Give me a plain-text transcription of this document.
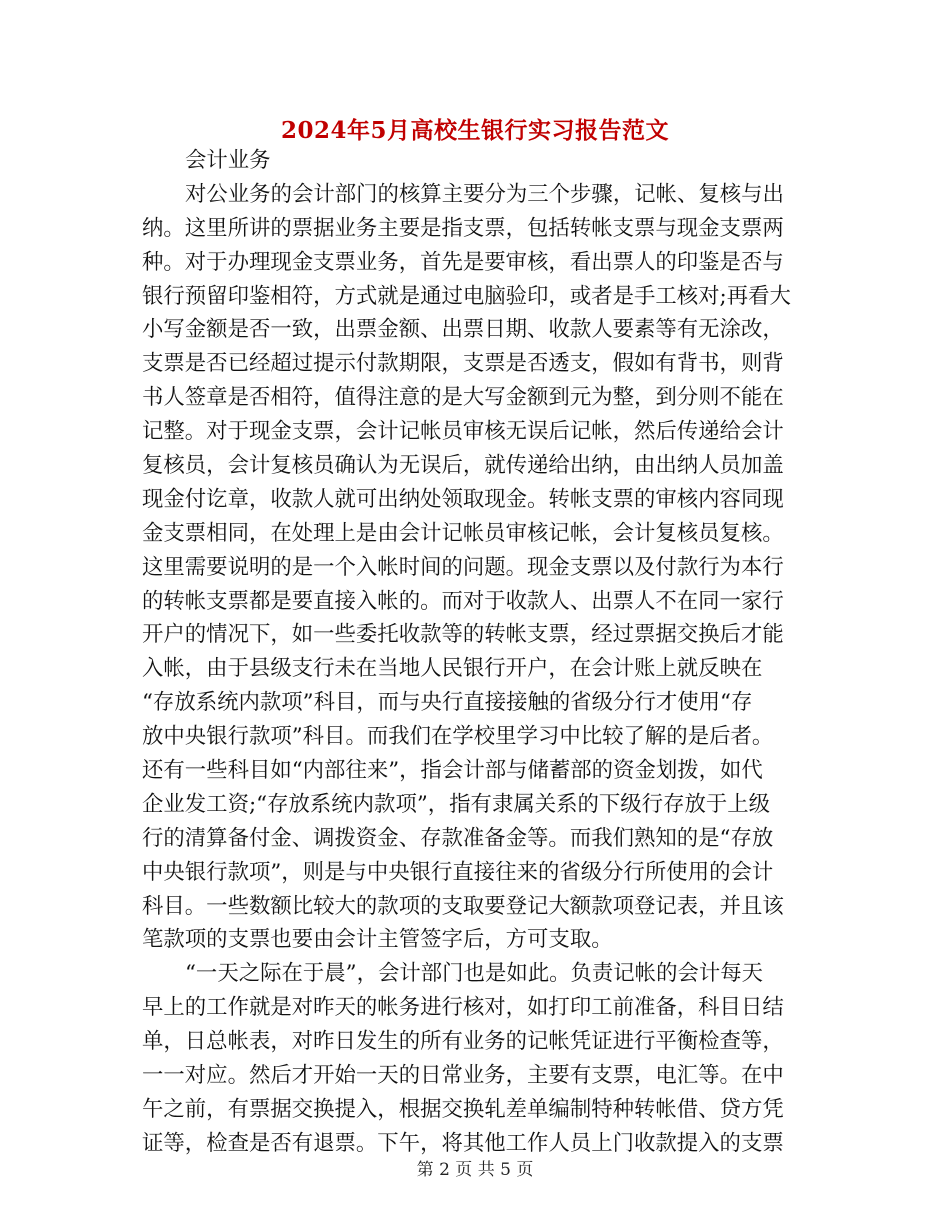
2024年5月高校生银行实习报告范文
会计业务
对公业务的会计部门的核算主要分为三个步骤，记帐、复核与出
纳。这里所讲的票据业务主要是指支票，包括转帐支票与现金支票两
种。对于办理现金支票业务，首先是要审核，看出票人的印鉴是否与
银行预留印鉴相符，方式就是通过电脑验印，或者是手工核对;再看大
小写金额是否一致，出票金额、出票日期、收款人要素等有无涂改，
支票是否已经超过提示付款期限，支票是否透支，假如有背书，则背
书人签章是否相符，值得注意的是大写金额到元为整，到分则不能在
记整。对于现金支票，会计记帐员审核无误后记帐，然后传递给会计
复核员，会计复核员确认为无误后，就传递给出纳，由出纳人员加盖
现金付讫章，收款人就可出纳处领取现金。转帐支票的审核内容同现
金支票相同，在处理上是由会计记帐员审核记帐，会计复核员复核。
这里需要说明的是一个入帐时间的问题。现金支票以及付款行为本行
的转帐支票都是要直接入帐的。而对于收款人、出票人不在同一家行
开户的情况下，如一些委托收款等的转帐支票，经过票据交换后才能
入帐，由于县级支行未在当地人民银行开户，在会计账上就反映在
“存放系统内款项”科目，而与央行直接接触的省级分行才使用“存
放中央银行款项”科目。而我们在学校里学习中比较了解的是后者。
还有一些科目如“内部往来”，指会计部与储蓄部的资金划拨，如代
企业发工资;“存放系统内款项”，指有隶属关系的下级行存放于上级
行的清算备付金、调拨资金、存款准备金等。而我们熟知的是“存放
中央银行款项”，则是与中央银行直接往来的省级分行所使用的会计
科目。一些数额比较大的款项的支取要登记大额款项登记表，并且该
笔款项的支票也要由会计主管签字后，方可支取。
“一天之际在于晨”，会计部门也是如此。负责记帐的会计每天
早上的工作就是对昨天的帐务进行核对，如打印工前准备，科目日结
单，日总帐表，对昨日发生的所有业务的记帐凭证进行平衡检查等，
一一对应。然后才开始一天的日常业务，主要有支票，电汇等。在中
午之前，有票据交换提入，根据交换轧差单编制特种转帐借、贷方凭
证等，检查是否有退票。下午，将其他工作人员上门收款提入的支票
第 2 页 共 5 页
